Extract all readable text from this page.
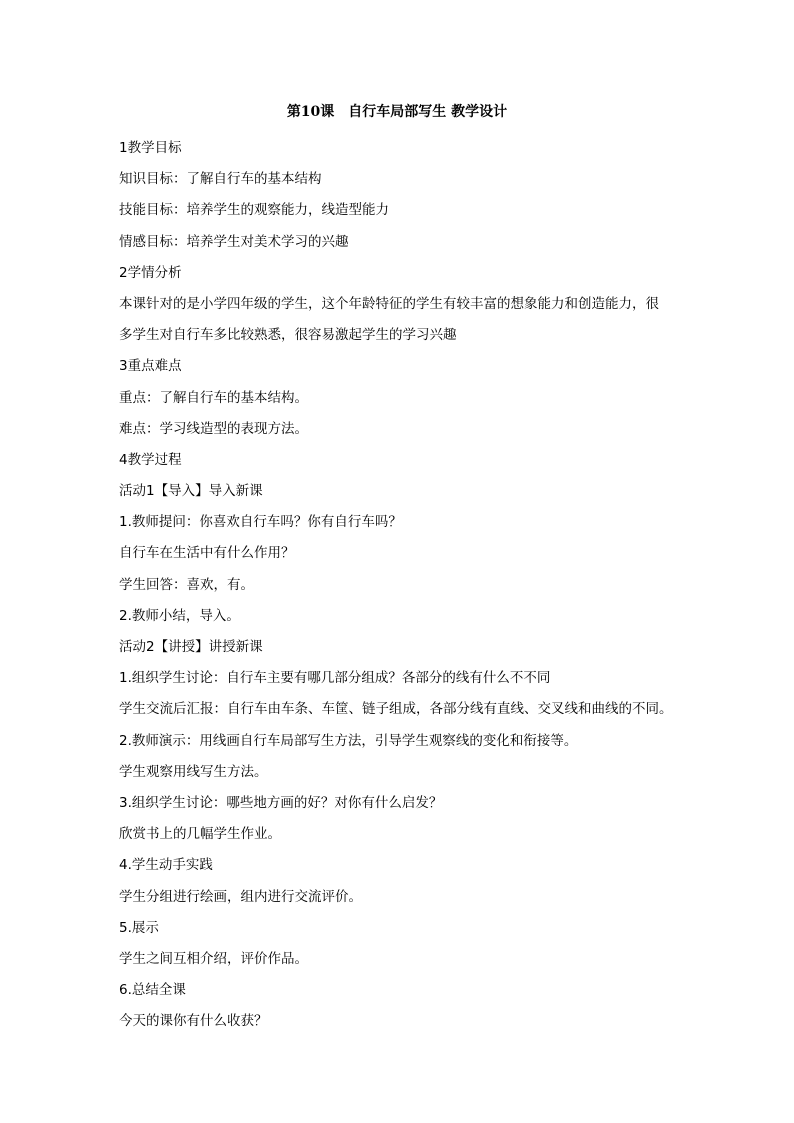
第10课　自行车局部写生 教学设计
1教学目标
知识目标：了解自行车的基本结构
技能目标：培养学生的观察能力，线造型能力
情感目标：培养学生对美术学习的兴趣
2学情分析
本课针对的是小学四年级的学生，这个年龄特征的学生有较丰富的想象能力和创造能力，很
多学生对自行车多比较熟悉，很容易激起学生的学习兴趣
3重点难点
重点：了解自行车的基本结构。
难点：学习线造型的表现方法。
4教学过程
活动1【导入】导入新课
1.教师提问：你喜欢自行车吗？你有自行车吗？
自行车在生活中有什么作用？
学生回答：喜欢，有。
2.教师小结，导入。
活动2【讲授】讲授新课
1.组织学生讨论：自行车主要有哪几部分组成？各部分的线有什么不不同
学生交流后汇报：自行车由车条、车筐、链子组成，各部分线有直线、交叉线和曲线的不同。
2.教师演示：用线画自行车局部写生方法，引导学生观察线的变化和衔接等。
学生观察用线写生方法。
3.组织学生讨论：哪些地方画的好？对你有什么启发？
欣赏书上的几幅学生作业。
4.学生动手实践
学生分组进行绘画，组内进行交流评价。
5.展示
学生之间互相介绍，评价作品。
6.总结全课
今天的课你有什么收获？
